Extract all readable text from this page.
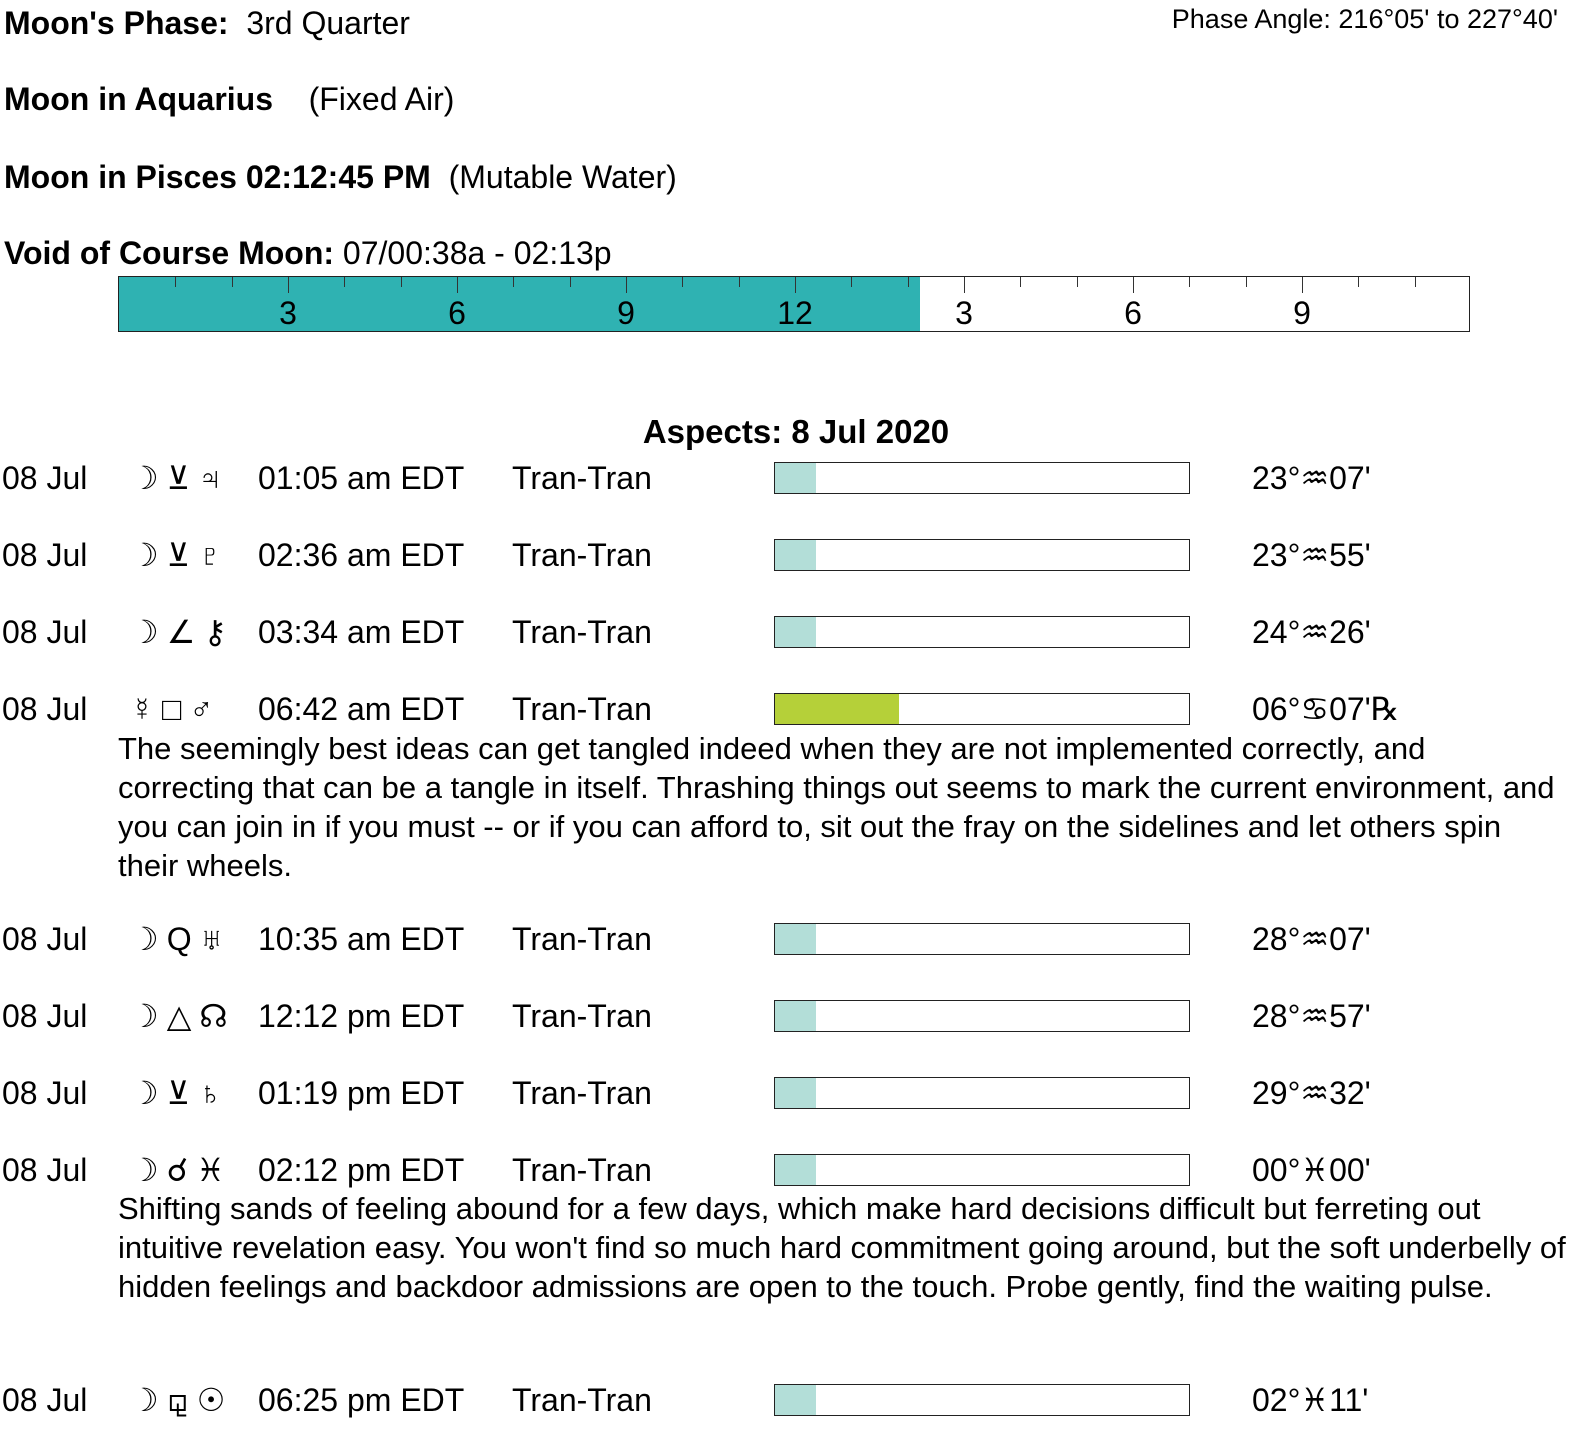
Moon's Phase: 3rd Quarter	Phase Angle: 216°05' to 227°40'
Moon in Aquarius (Fixed Air)
Moon in Pisces 02:12:45 PM (Mutable Water)
Void of Course Moon: 07/00:38a - 02:13p
3	6	9	12	3	6	9
Aspects: 8 Jul 2020
08 Jul ☽⊻♃ 01:05 am EDT Tran-Tran	23°♒07'
08 Jul ☽⊻♇ 02:36 am EDT Tran-Tran	23°♒55'
08 Jul ☽∠⚷ 03:34 am EDT Tran-Tran	24°♒26'
08 Jul ☿□♂ 06:42 am EDT Tran-Tran	06°♋07'℞
The seemingly best ideas can get tangled indeed when they are not implemented correctly, and correcting that can be a tangle in itself. Thrashing things out seems to mark the current environment, and you can join in if you must -- or if you can afford to, sit out the fray on the sidelines and let others spin their wheels.
08 Jul ☽Q♅ 10:35 am EDT Tran-Tran	28°♒07'
08 Jul ☽△☊ 12:12 pm EDT Tran-Tran	28°♒57'
08 Jul ☽⊻♄ 01:19 pm EDT Tran-Tran	29°♒32'
08 Jul ☽☌♓ 02:12 pm EDT Tran-Tran	00°♓00'
Shifting sands of feeling abound for a few days, which make hard decisions difficult but ferreting out intuitive revelation easy. You won't find so much hard commitment going around, but the soft underbelly of hidden feelings and backdoor admissions are open to the touch. Probe gently, find the waiting pulse.
08 Jul ☽⚼☉ 06:25 pm EDT Tran-Tran	02°♓11'
